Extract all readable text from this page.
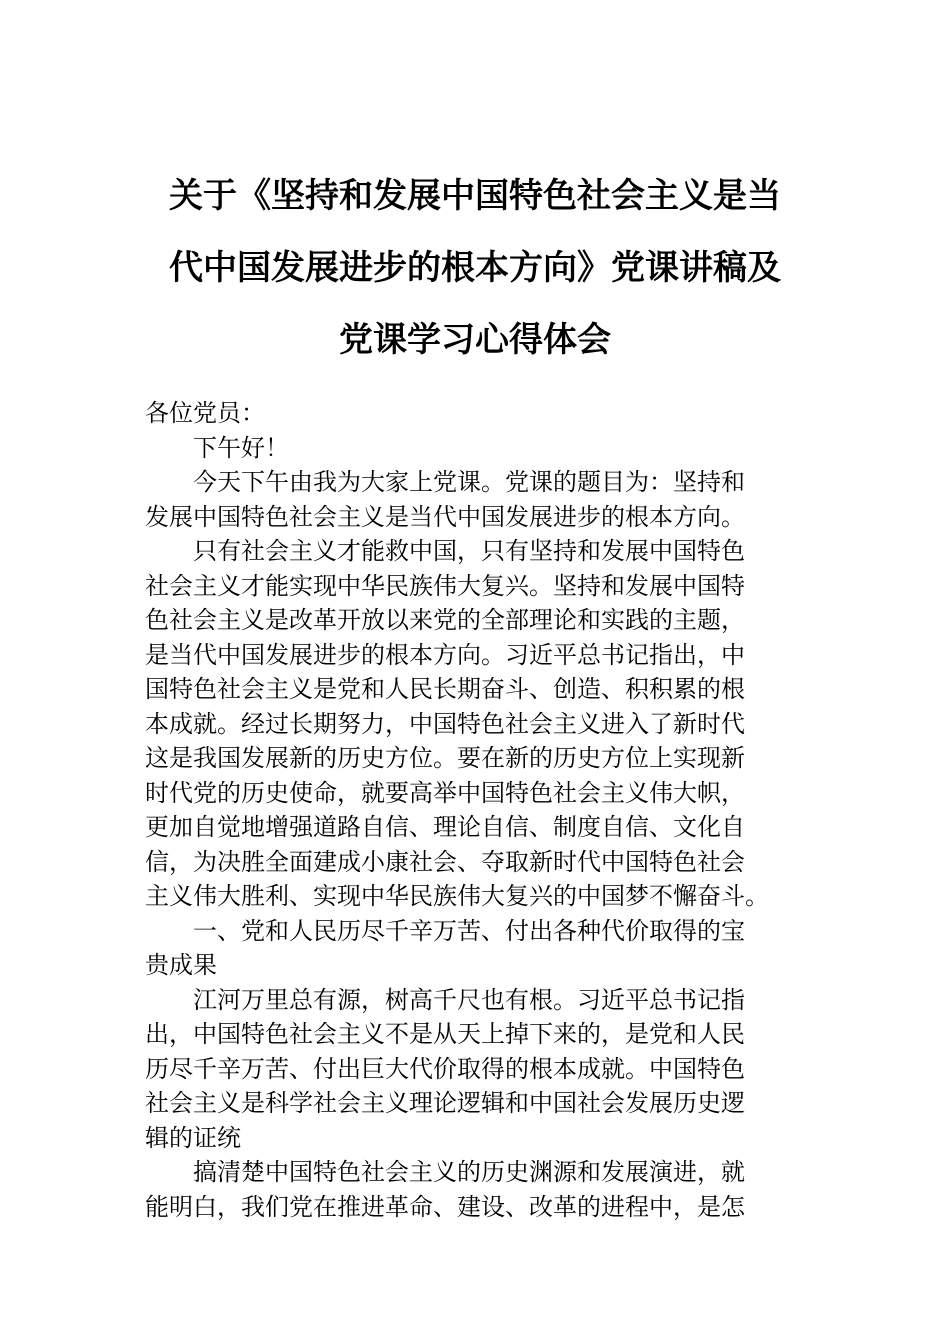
关于《坚持和发展中国特色社会主义是当
代中国发展进步的根本方向》党课讲稿及
党课学习心得体会
各位党员：
下午好！
今天下午由我为大家上党课。党课的题目为：坚持和
发展中国特色社会主义是当代中国发展进步的根本方向。
只有社会主义才能救中国，只有坚持和发展中国特色
社会主义才能实现中华民族伟大复兴。坚持和发展中国特
色社会主义是改革开放以来党的全部理论和实践的主题，
是当代中国发展进步的根本方向。习近平总书记指出，中
国特色社会主义是党和人民长期奋斗、创造、积积累的根
本成就。经过长期努力，中国特色社会主义进入了新时代
这是我国发展新的历史方位。要在新的历史方位上实现新
时代党的历史使命，就要高举中国特色社会主义伟大帜，
更加自觉地增强道路自信、理论自信、制度自信、文化自
信，为决胜全面建成小康社会、夺取新时代中国特色社会
主义伟大胜利、实现中华民族伟大复兴的中国梦不懈奋斗。
一、党和人民历尽千辛万苦、付出各种代价取得的宝
贵成果
江河万里总有源，树高千尺也有根。习近平总书记指
出，中国特色社会主义不是从天上掉下来的，是党和人民
历尽千辛万苦、付出巨大代价取得的根本成就。中国特色
社会主义是科学社会主义理论逻辑和中国社会发展历史逻
辑的证统
搞清楚中国特色社会主义的历史渊源和发展演进，就
能明白，我们党在推进革命、建设、改革的进程中，是怎
